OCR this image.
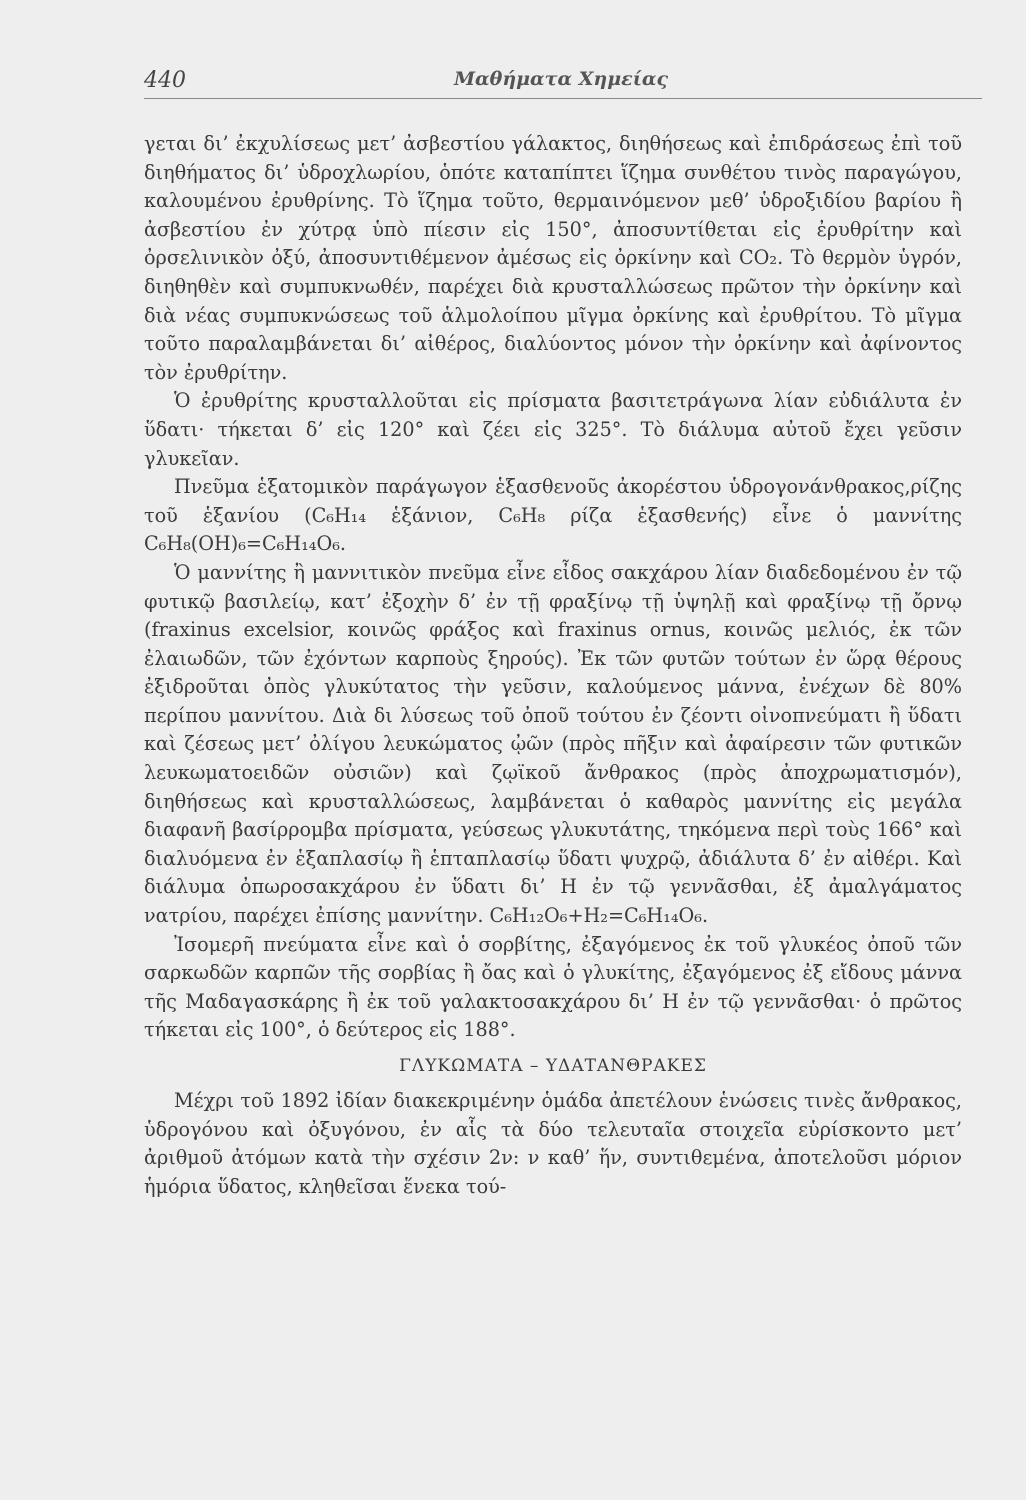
440	Μαθήματα Χημείας

γεται δι’ ἐκχυλίσεως μετ’ ἀσβεστίου γάλακτος, διηθήσεως καὶ ἐπιδράσεως ἐπὶ τοῦ διηθήματος δι’ ὑδροχλωρίου, ὁπότε καταπίπτει ἵζημα συνθέτου τινὸς παραγώγου, καλουμένου ἐρυθρίνης. Τὸ ἵζημα τοῦτο, θερμαινόμενον μεθ’ ὑδροξιδίου βαρίου ἢ ἀσβεστίου ἐν χύτρᾳ ὑπὸ πίεσιν εἰς 150°, ἀποσυντίθεται εἰς ἐρυθρίτην καὶ ὀρσελινικὸν ὀξύ, ἀποσυντιθέμενον ἀμέσως εἰς ὀρκίνην καὶ CO₂. Τὸ θερμὸν ὑγρόν, διηθηθὲν καὶ συμπυκνωθέν, παρέχει διὰ κρυσταλλώσεως πρῶτον τὴν ὀρκίνην καὶ διὰ νέας συμπυκνώσεως τοῦ ἁλμολοίπου μῖγμα ὀρκίνης καὶ ἐρυθρίτου. Τὸ μῖγμα τοῦτο παραλαμβάνεται δι’ αἰθέρος, διαλύοντος μόνον τὴν ὀρκίνην καὶ ἀφίνοντος τὸν ἐρυθρίτην.

Ὁ ἐρυθρίτης κρυσταλλοῦται εἰς πρίσματα βασιτετράγωνα λίαν εὐδιάλυτα ἐν ὕδατι· τήκεται δ’ εἰς 120° καὶ ζέει εἰς 325°. Τὸ διάλυμα αὐτοῦ ἔχει γεῦσιν γλυκεῖαν.

Πνεῦμα ἑξατομικὸν παράγωγον ἑξασθενοῦς ἀκορέστου ὑδρογονάνθρακος,ρίζης τοῦ ἑξανίου (C₆H₁₄ ἑξάνιον, C₆H₈ ρίζα ἑξασθενής) εἶνε ὁ μαννίτης C₆H₈(OH)₆=C₆H₁₄O₆.

Ὁ μαννίτης ἢ μαννιτικὸν πνεῦμα εἶνε εἶδος σακχάρου λίαν διαδεδομένου ἐν τῷ φυτικῷ βασιλείῳ, κατ’ ἐξοχὴν δ’ ἐν τῇ φραξίνῳ τῇ ὑψηλῇ καὶ φραξίνῳ τῇ ὄρνῳ (fraxinus excelsior, κοινῶς φράξος καὶ fraxinus ornus, κοινῶς μελιός, ἐκ τῶν ἐλαιωδῶν, τῶν ἐχόντων καρποὺς ξηρούς). Ἐκ τῶν φυτῶν τούτων ἐν ὥρᾳ θέρους ἐξιδροῦται ὀπὸς γλυκύτατος τὴν γεῦσιν, καλούμενος μάννα, ἐνέχων δὲ 80% περίπου μαννίτου. Διὰ δι λύσεως τοῦ ὀποῦ τούτου ἐν ζέοντι οἰνοπνεύματι ἢ ὕδατι καὶ ζέσεως μετ’ ὀλίγου λευκώματος ᾠῶν (πρὸς πῆξιν καὶ ἀφαίρεσιν τῶν φυτικῶν λευκωματοειδῶν οὐσιῶν) καὶ ζῳϊκοῦ ἄνθρακος (πρὸς ἀποχρωματισμόν), διηθήσεως καὶ κρυσταλλώσεως, λαμβάνεται ὁ καθαρὸς μαννίτης εἰς μεγάλα διαφανῆ βασίρρομβα πρίσματα, γεύσεως γλυκυτάτης, τηκόμενα περὶ τοὺς 166° καὶ διαλυόμενα ἐν ἑξαπλασίῳ ἢ ἑπταπλασίῳ ὕδατι ψυχρῷ, ἀδιάλυτα δ’ ἐν αἰθέρι. Καὶ διάλυμα ὀπωροσακχάρου ἐν ὕδατι δι’ H ἐν τῷ γεννᾶσθαι, ἐξ ἀμαλγάματος νατρίου, παρέχει ἐπίσης μαννίτην. C₆H₁₂O₆+H₂=C₆H₁₄O₆.

Ἰσομερῆ πνεύματα εἶνε καὶ ὁ σορβίτης, ἐξαγόμενος ἐκ τοῦ γλυκέος ὀποῦ τῶν σαρκωδῶν καρπῶν τῆς σορβίας ἢ ὄας καὶ ὁ γλυκίτης, ἐξαγόμενος ἐξ εἴδους μάννα τῆς Μαδαγασκάρης ἢ ἐκ τοῦ γαλακτοσακχάρου δι’ H ἐν τῷ γεννᾶσθαι· ὁ πρῶτος τήκεται εἰς 100°, ὁ δεύτερος εἰς 188°.

ΓΛΥΚΩΜΑΤΑ – ΥΔΑΤΑΝΘΡΑΚΕΣ

Μέχρι τοῦ 1892 ἰδίαν διακεκριμένην ὁμάδα ἀπετέλουν ἑνώσεις τινὲς ἄνθρακος, ὑδρογόνου καὶ ὀξυγόνου, ἐν αἷς τὰ δύο τελευταῖα στοιχεῖα εὑρίσκοντο μετ’ ἀριθμοῦ ἀτόμων κατὰ τὴν σχέσιν 2ν: ν καθ’ ἥν, συντιθεμένα, ἀποτελοῦσι μόριον ἡμόρια ὕδατος, κληθεῖσαι ἕνεκα τού-
